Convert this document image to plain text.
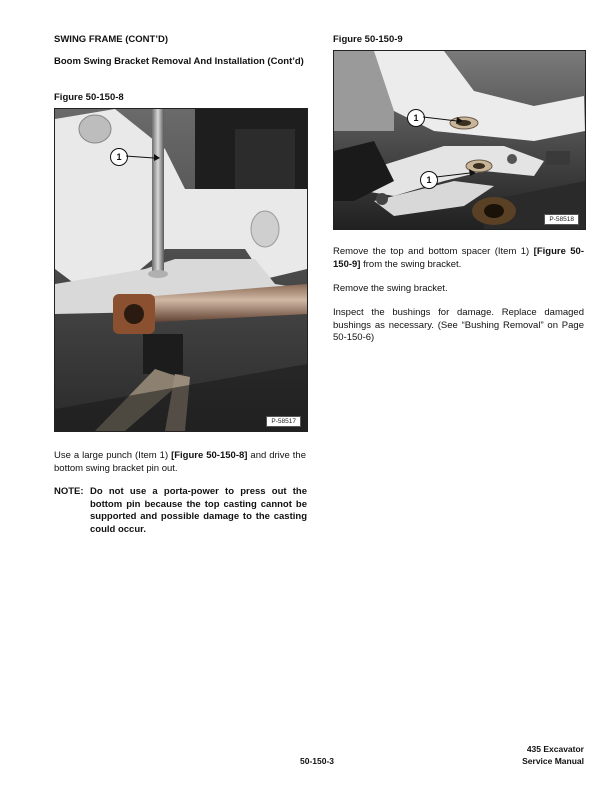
SWING FRAME (CONT’D)
Boom Swing Bracket Removal And Installation (Cont’d)
Figure 50-150-8
1
P-58517
Use a large punch (Item 1) [Figure 50-150-8] and drive the bottom swing bracket pin out.
NOTE: Do not use a porta-power to press out the bottom pin because the top casting cannot be supported and possible damage to the casting could occur.
Figure 50-150-9
1
1
P-58518
Remove the top and bottom spacer (Item 1) [Figure 50-150-9] from the swing bracket.
Remove the swing bracket.
Inspect the bushings for damage. Replace damaged bushings as necessary. (See “Bushing Removal” on Page 50-150-6)
50-150-3
435 Excavator
Service Manual
